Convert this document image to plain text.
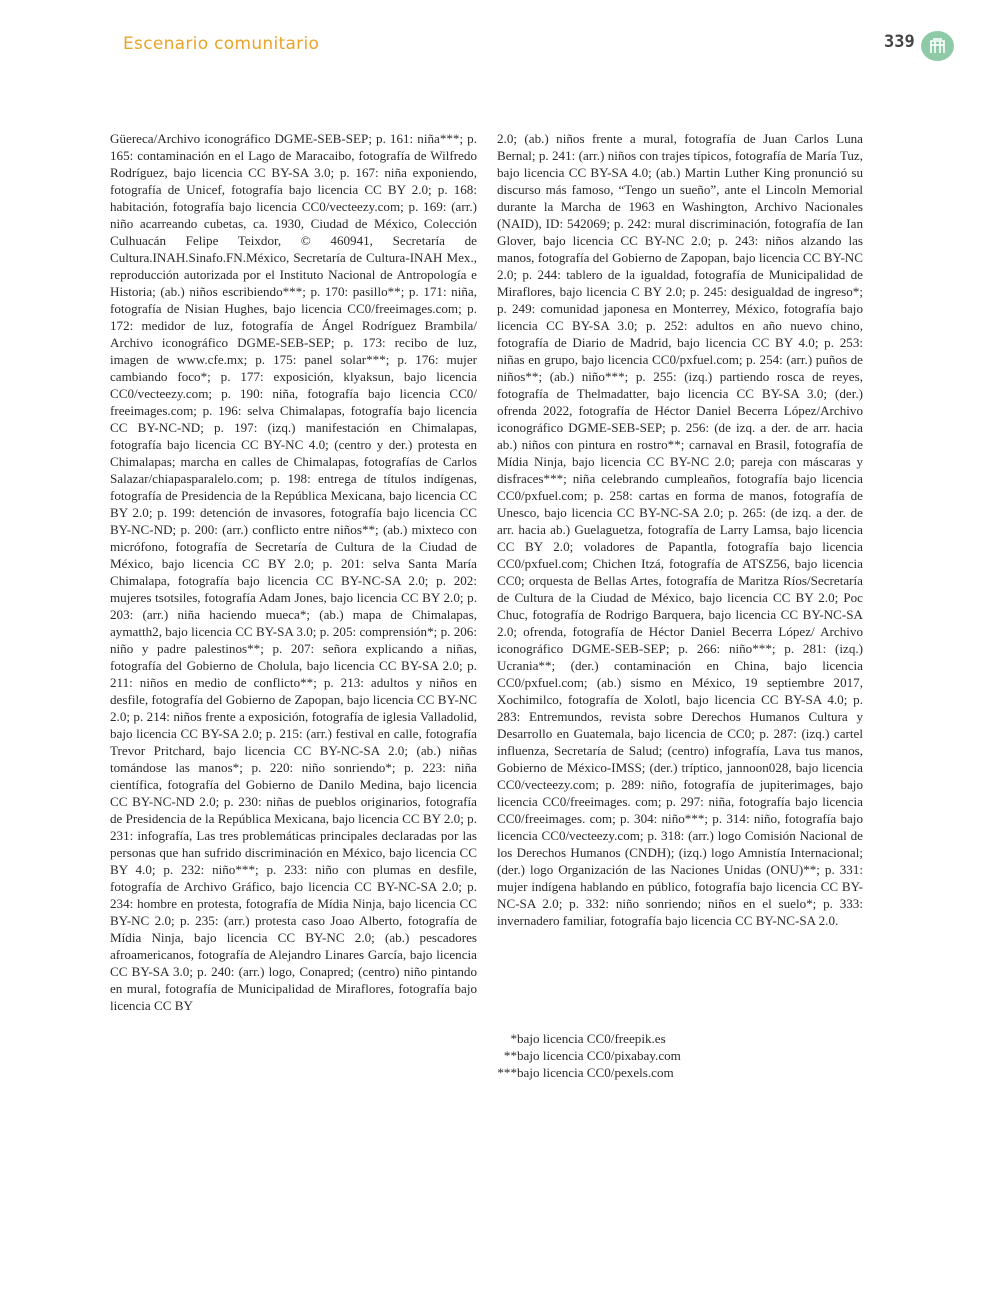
Escenario comunitario	339
Güereca/Archivo iconográfico DGME-SEB-SEP; p. 161: niña***; p. 165: contaminación en el Lago de Maracaibo, fotografía de Wilfredo Rodríguez, bajo licencia CC BY-SA 3.0; p. 167: niña exponiendo, fotografía de Unicef, fotografía bajo licencia CC BY 2.0; p. 168: habitación, fotografía bajo licencia CC0/vecteezy.com; p. 169: (arr.) niño acarreando cubetas, ca. 1930, Ciudad de México, Colección Culhuacán Felipe Teixdor, © 460941, Secretaría de Cultura.INAH.Sinafo.FN.México, Secretaría de Cultura-INAH Mex., reproducción autorizada por el Instituto Nacional de Antropología e Historia; (ab.) niños escribiendo***; p. 170: pasillo**; p. 171: niña, fotografía de Nisian Hughes, bajo licencia CC0/freeimages.com; p. 172: medidor de luz, fotografía de Ángel Rodríguez Brambila/ Archivo iconográfico DGME-SEB-SEP; p. 173: recibo de luz, imagen de www.cfe.mx; p. 175: panel solar***; p. 176: mujer cambiando foco*; p. 177: exposición, klyaksun, bajo licencia CC0/vecteezy.com; p. 190: niña, fotografía bajo licencia CC0/ freeimages.com; p. 196: selva Chimalapas, fotografía bajo licencia CC BY-NC-ND; p. 197: (izq.) manifestación en Chimalapas, fotografía bajo licencia CC BY-NC 4.0; (centro y der.) protesta en Chimalapas; marcha en calles de Chimalapas, fotografías de Carlos Salazar/chiapasparalelo.com; p. 198: entrega de títulos indígenas, fotografía de Presidencia de la República Mexicana, bajo licencia CC BY 2.0; p. 199: detención de invasores, fotografía bajo licencia CC BY-NC-ND; p. 200: (arr.) conflicto entre niños**; (ab.) mixteco con micrófono, fotografía de Secretaría de Cultura de la Ciudad de México, bajo licencia CC BY 2.0; p. 201: selva Santa María Chimalapa, fotografía bajo licencia CC BY-NC-SA 2.0; p. 202: mujeres tsotsiles, fotografía Adam Jones, bajo licencia CC BY 2.0; p. 203: (arr.) niña haciendo mueca*; (ab.) mapa de Chimalapas, aymatth2, bajo licencia CC BY-SA 3.0; p. 205: comprensión*; p. 206: niño y padre palestinos**; p. 207: señora explicando a niñas, fotografía del Gobierno de Cholula, bajo licencia CC BY-SA 2.0; p. 211: niños en medio de conflicto**; p. 213: adultos y niños en desfile, fotografía del Gobierno de Zapopan, bajo licencia CC BY-NC 2.0; p. 214: niños frente a exposición, fotografía de iglesia Valladolid, bajo licencia CC BY-SA 2.0; p. 215: (arr.) festival en calle, fotografía Trevor Pritchard, bajo licencia CC BY-NC-SA 2.0; (ab.) niñas tomándose las manos*; p. 220: niño sonriendo*; p. 223: niña científica, fotografía del Gobierno de Danilo Medina, bajo licencia CC BY-NC-ND 2.0; p. 230: niñas de pueblos originarios, fotografía de Presidencia de la República Mexicana, bajo licencia CC BY 2.0; p. 231: infografía, Las tres problemáticas principales declaradas por las personas que han sufrido discriminación en México, bajo licencia CC BY 4.0; p. 232: niño***; p. 233: niño con plumas en desfile, fotografía de Archivo Gráfico, bajo licencia CC BY-NC-SA 2.0; p. 234: hombre en protesta, fotografía de Mídia Ninja, bajo licencia CC BY-NC 2.0; p. 235: (arr.) protesta caso Joao Alberto, fotografía de Mídia Ninja, bajo licencia CC BY-NC 2.0; (ab.) pescadores afroamericanos, fotografía de Alejandro Linares García, bajo licencia CC BY-SA 3.0; p. 240: (arr.) logo, Conapred; (centro) niño pintando en mural, fotografía de Municipalidad de Miraflores, fotografía bajo licencia CC BY
2.0; (ab.) niños frente a mural, fotografía de Juan Carlos Luna Bernal; p. 241: (arr.) niños con trajes típicos, fotografía de María Tuz, bajo licencia CC BY-SA 4.0; (ab.) Martin Luther King pronunció su discurso más famoso, “Tengo un sueño”, ante el Lincoln Memorial durante la Marcha de 1963 en Washington, Archivo Nacionales (NAID), ID: 542069; p. 242: mural discriminación, fotografía de Ian Glover, bajo licencia CC BY-NC 2.0; p. 243: niños alzando las manos, fotografía del Gobierno de Zapopan, bajo licencia CC BY-NC 2.0; p. 244: tablero de la igualdad, fotografía de Municipalidad de Miraflores, bajo licencia C BY 2.0; p. 245: desigualdad de ingreso*; p. 249: comunidad japonesa en Monterrey, México, fotografía bajo licencia CC BY-SA 3.0; p. 252: adultos en año nuevo chino, fotografía de Diario de Madrid, bajo licencia CC BY 4.0; p. 253: niñas en grupo, bajo licencia CC0/pxfuel.com; p. 254: (arr.) puños de niños**; (ab.) niño***; p. 255: (izq.) partiendo rosca de reyes, fotografía de Thelmadatter, bajo licencia CC BY-SA 3.0; (der.) ofrenda 2022, fotografía de Héctor Daniel Becerra López/Archivo iconográfico DGME-SEB-SEP; p. 256: (de izq. a der. de arr. hacia ab.) niños con pintura en rostro**; carnaval en Brasil, fotografía de Mídia Ninja, bajo licencia CC BY-NC 2.0; pareja con máscaras y disfraces***; niña celebrando cumpleaños, fotografía bajo licencia CC0/pxfuel.com; p. 258: cartas en forma de manos, fotografía de Unesco, bajo licencia CC BY-NC-SA 2.0; p. 265: (de izq. a der. de arr. hacia ab.) Guelaguetza, fotografía de Larry Lamsa, bajo licencia CC BY 2.0; voladores de Papantla, fotografía bajo licencia CC0/pxfuel.com; Chichen Itzá, fotografía de ATSZ56, bajo licencia CC0; orquesta de Bellas Artes, fotografía de Maritza Ríos/Secretaría de Cultura de la Ciudad de México, bajo licencia CC BY 2.0; Poc Chuc, fotografía de Rodrigo Barquera, bajo licencia CC BY-NC-SA 2.0; ofrenda, fotografía de Héctor Daniel Becerra López/ Archivo iconográfico DGME-SEB-SEP; p. 266: niño***; p. 281: (izq.) Ucrania**; (der.) contaminación en China, bajo licencia CC0/pxfuel.com; (ab.) sismo en México, 19 septiembre 2017, Xochimilco, fotografía de Xolotl, bajo licencia CC BY-SA 4.0; p. 283: Entremundos, revista sobre Derechos Humanos Cultura y Desarrollo en Guatemala, bajo licencia de CC0; p. 287: (izq.) cartel influenza, Secretaría de Salud; (centro) infografía, Lava tus manos, Gobierno de México-IMSS; (der.) tríptico, jannoon028, bajo licencia CC0/vecteezy.com; p. 289: niño, fotografía de jupiterimages, bajo licencia CC0/freeimages. com; p. 297: niña, fotografía bajo licencia CC0/freeimages. com; p. 304: niño***; p. 314: niño, fotografía bajo licencia CC0/vecteezy.com; p. 318: (arr.) logo Comisión Nacional de los Derechos Humanos (CNDH); (izq.) logo Amnistía Internacional; (der.) logo Organización de las Naciones Unidas (ONU)**; p. 331: mujer indígena hablando en público, fotografía bajo licencia CC BY-NC-SA 2.0; p. 332: niño sonriendo; niños en el suelo*; p. 333: invernadero familiar, fotografía bajo licencia CC BY-NC-SA 2.0.
* bajo licencia CC0/freepik.es
** bajo licencia CC0/pixabay.com
*** bajo licencia CC0/pexels.com
